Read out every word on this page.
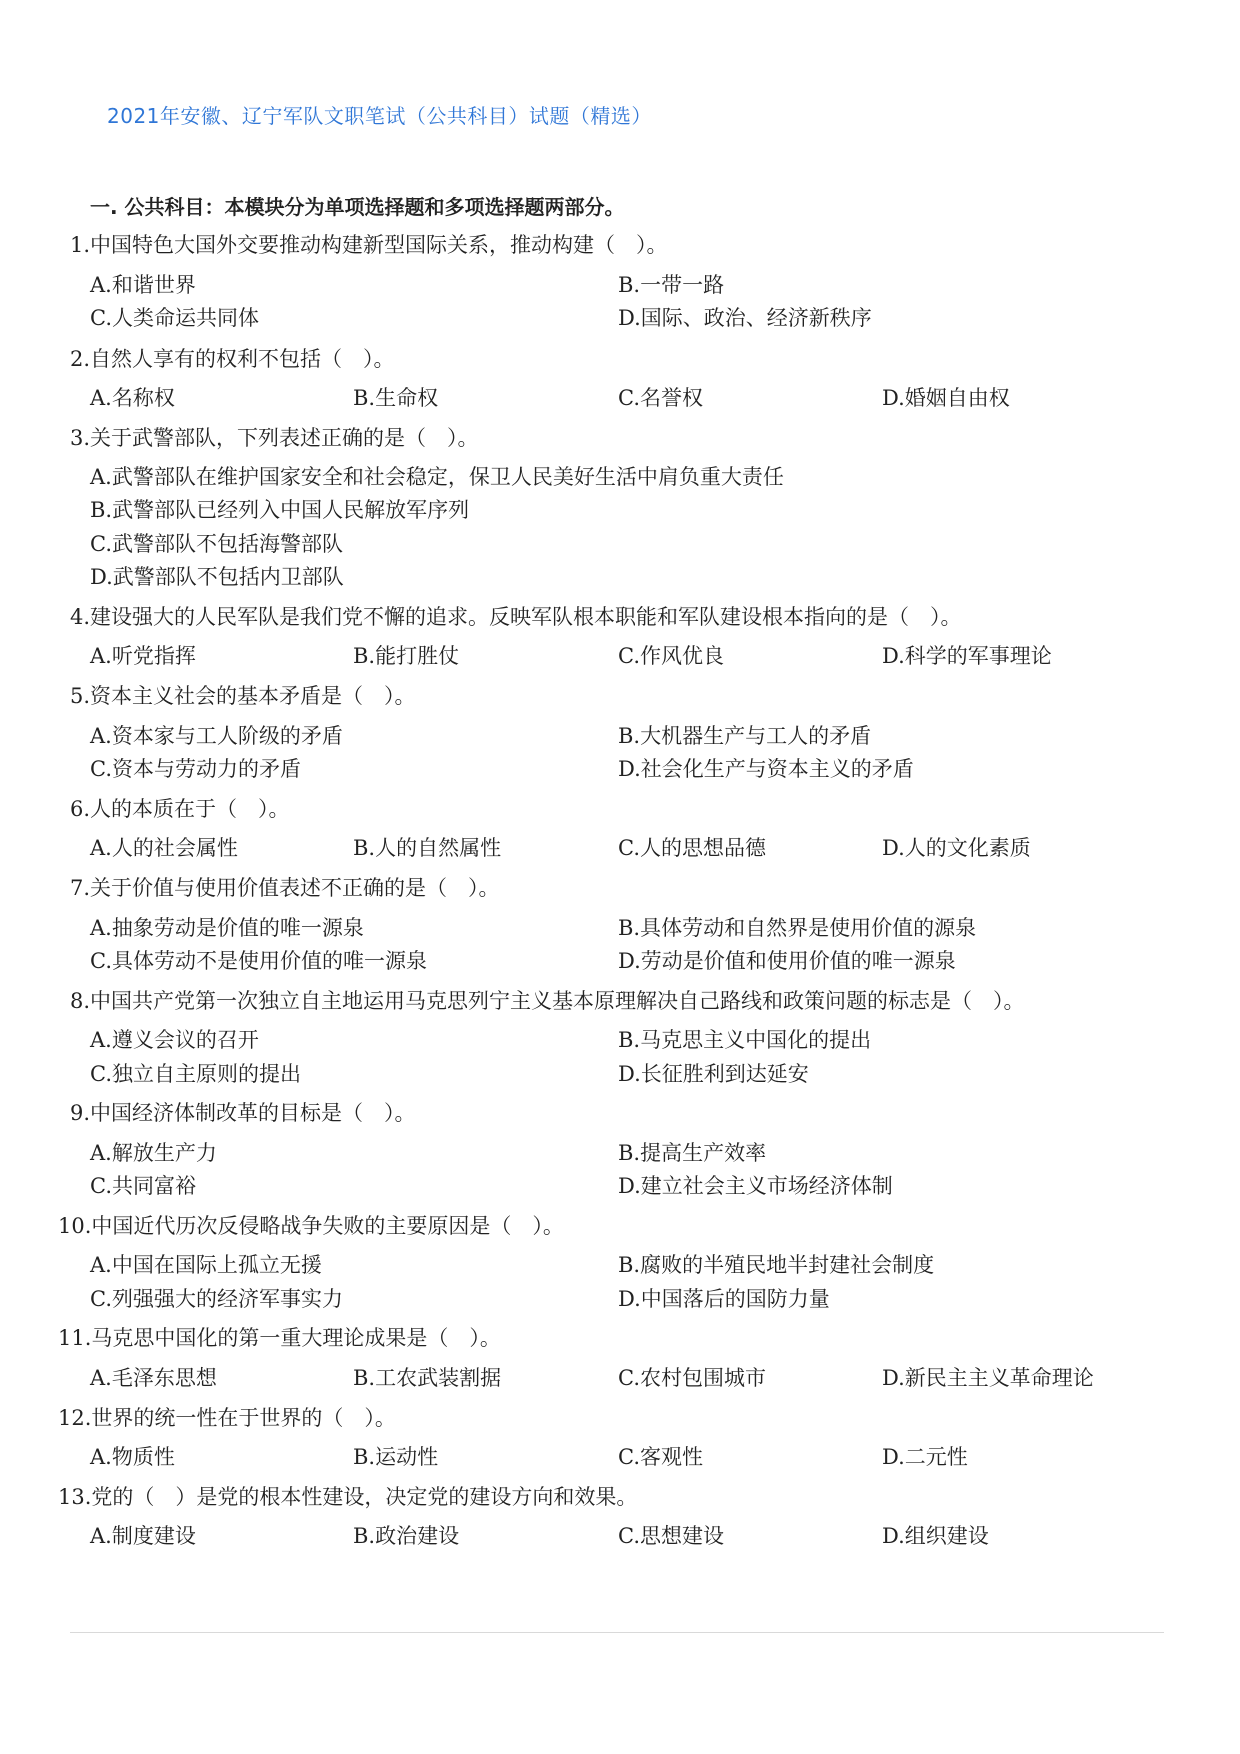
2021年安徽、辽宁军队文职笔试（公共科目）试题（精选）
一. 公共科目：本模块分为单项选择题和多项选择题两部分。
1.中国特色大国外交要推动构建新型国际关系，推动构建（　）。
A.和谐世界	B.一带一路
C.人类命运共同体	D.国际、政治、经济新秩序
2.自然人享有的权利不包括（　）。
A.名称权	B.生命权	C.名誉权	D.婚姻自由权
3.关于武警部队，下列表述正确的是（　）。
A.武警部队在维护国家安全和社会稳定，保卫人民美好生活中肩负重大责任
B.武警部队已经列入中国人民解放军序列
C.武警部队不包括海警部队
D.武警部队不包括内卫部队
4.建设强大的人民军队是我们党不懈的追求。反映军队根本职能和军队建设根本指向的是（　）。
A.听党指挥	B.能打胜仗	C.作风优良	D.科学的军事理论
5.资本主义社会的基本矛盾是（　）。
A.资本家与工人阶级的矛盾	B.大机器生产与工人的矛盾
C.资本与劳动力的矛盾	D.社会化生产与资本主义的矛盾
6.人的本质在于（　）。
A.人的社会属性	B.人的自然属性	C.人的思想品德	D.人的文化素质
7.关于价值与使用价值表述不正确的是（　）。
A.抽象劳动是价值的唯一源泉	B.具体劳动和自然界是使用价值的源泉
C.具体劳动不是使用价值的唯一源泉	D.劳动是价值和使用价值的唯一源泉
8.中国共产党第一次独立自主地运用马克思列宁主义基本原理解决自己路线和政策问题的标志是（　）。
A.遵义会议的召开	B.马克思主义中国化的提出
C.独立自主原则的提出	D.长征胜利到达延安
9.中国经济体制改革的目标是（　）。
A.解放生产力	B.提高生产效率
C.共同富裕	D.建立社会主义市场经济体制
10.中国近代历次反侵略战争失败的主要原因是（　）。
A.中国在国际上孤立无援	B.腐败的半殖民地半封建社会制度
C.列强强大的经济军事实力	D.中国落后的国防力量
11.马克思中国化的第一重大理论成果是（　）。
A.毛泽东思想	B.工农武装割据	C.农村包围城市	D.新民主主义革命理论
12.世界的统一性在于世界的（　）。
A.物质性	B.运动性	C.客观性	D.二元性
13.党的（　）是党的根本性建设，决定党的建设方向和效果。
A.制度建设	B.政治建设	C.思想建设	D.组织建设
